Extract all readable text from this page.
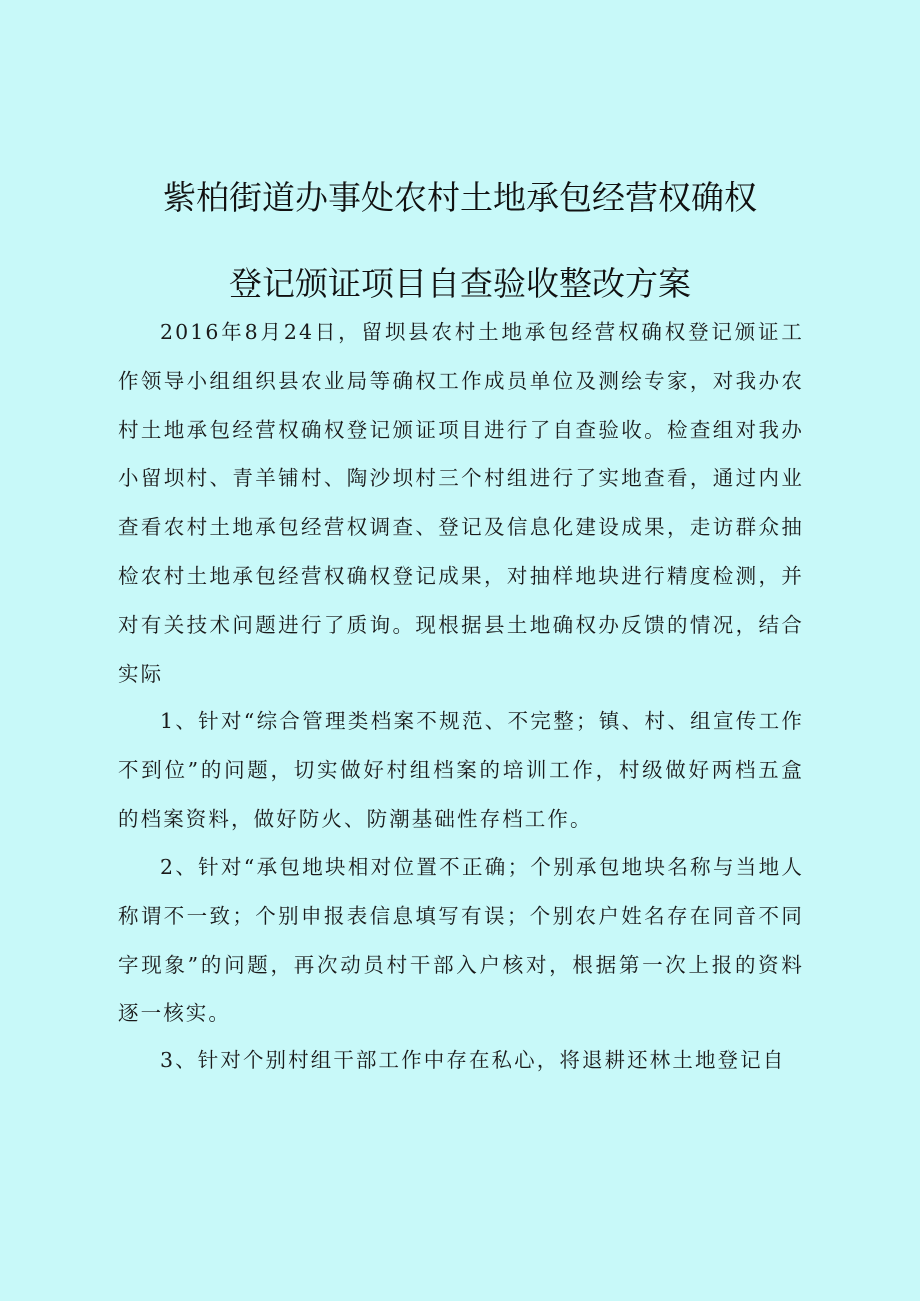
紫柏街道办事处农村土地承包经营权确权
登记颁证项目自查验收整改方案

2016年8月24日，留坝县农村土地承包经营权确权登记颁证工作领导小组组织县农业局等确权工作成员单位及测绘专家，对我办农村土地承包经营权确权登记颁证项目进行了自查验收。检查组对我办小留坝村、青羊铺村、陶沙坝村三个村组进行了实地查看，通过内业查看农村土地承包经营权调查、登记及信息化建设成果，走访群众抽检农村土地承包经营权确权登记成果，对抽样地块进行精度检测，并对有关技术问题进行了质询。现根据县土地确权办反馈的情况，结合实际

1、针对“综合管理类档案不规范、不完整；镇、村、组宣传工作不到位”的问题，切实做好村组档案的培训工作，村级做好两档五盒的档案资料，做好防火、防潮基础性存档工作。

2、针对“承包地块相对位置不正确；个别承包地块名称与当地人称谓不一致；个别申报表信息填写有误；个别农户姓名存在同音不同字现象”的问题，再次动员村干部入户核对，根据第一次上报的资料逐一核实。

3、针对个别村组干部工作中存在私心，将退耕还林土地登记自
